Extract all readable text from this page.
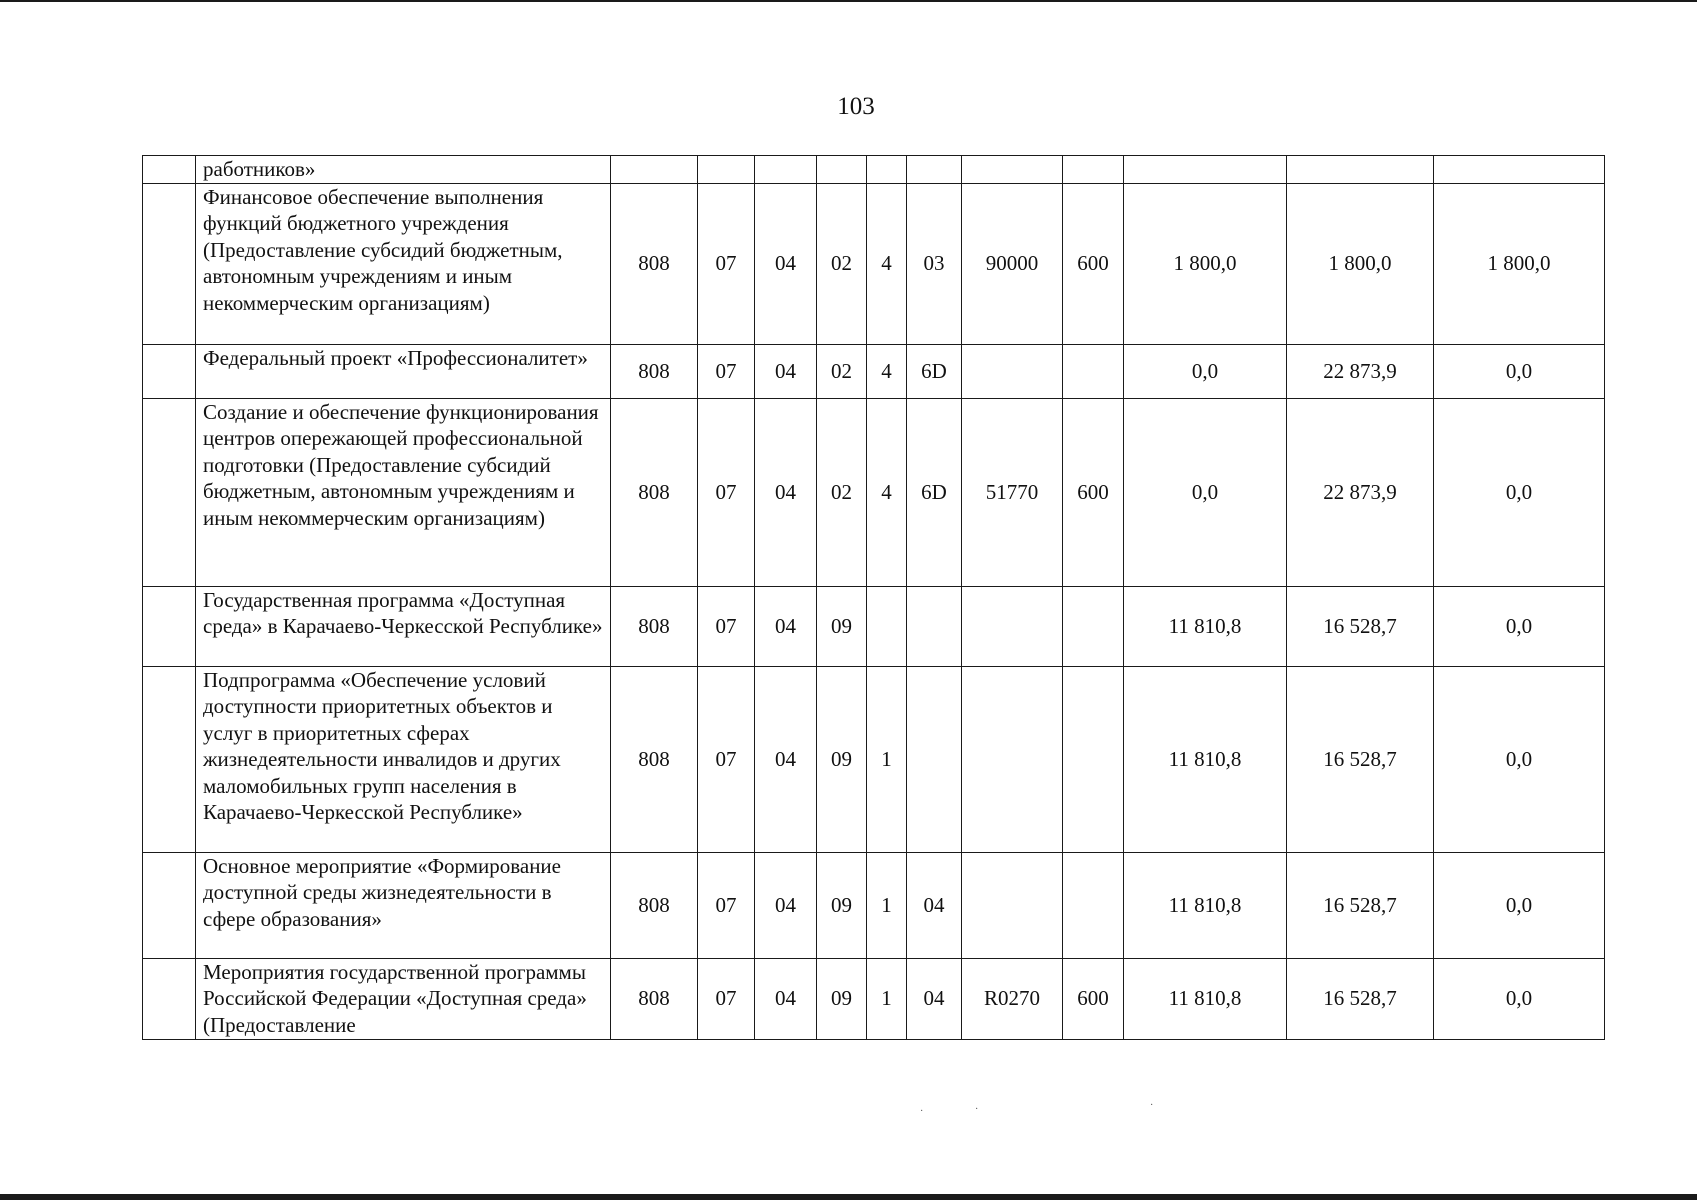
103
	работников»											
	Финансовое обеспечение выполнения функций бюджетного учреждения (Предоставление субсидий бюджетным, автономным учреждениям и иным некоммерческим организациям)	808	07	04	02	4	03	90000	600	1 800,0	1 800,0	1 800,0
	Федеральный проект «Профессионалитет»	808	07	04	02	4	6D			0,0	22 873,9	0,0
	Создание и обеспечение функционирования центров опережающей профессиональной подготовки (Предоставление субсидий бюджетным, автономным учреждениям и иным некоммерческим организациям)	808	07	04	02	4	6D	51770	600	0,0	22 873,9	0,0
	Государственная программа «Доступная среда» в Карачаево-Черкесской Республике»	808	07	04	09					11 810,8	16 528,7	0,0
	Подпрограмма «Обеспечение условий доступности приоритетных объектов и услуг в приоритетных сферах жизнедеятельности инвалидов и других маломобильных групп населения в Карачаево-Черкесской Республике»	808	07	04	09	1				11 810,8	16 528,7	0,0
	Основное мероприятие «Формирование доступной среды жизнедеятельности в сфере образования»	808	07	04	09	1	04			11 810,8	16 528,7	0,0
	Мероприятия государственной программы Российской Федерации «Доступная среда» (Предоставление	808	07	04	09	1	04	R0270	600	11 810,8	16 528,7	0,0
·	·	·
